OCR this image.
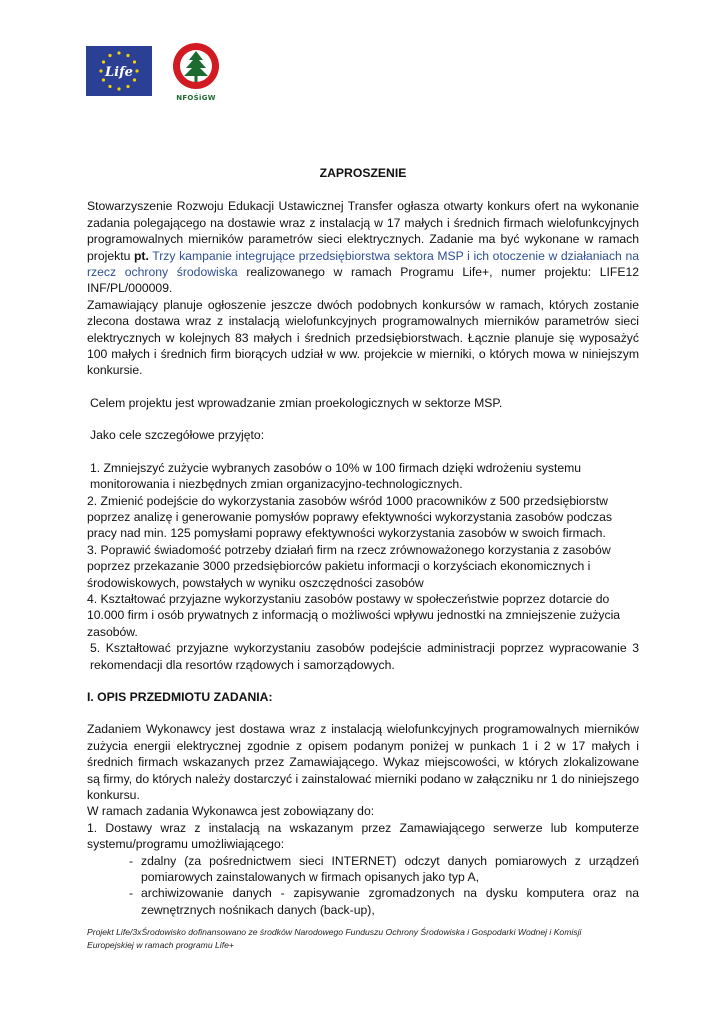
Life
NFOŚiGW

ZAPROSZENIE

Stowarzyszenie Rozwoju Edukacji Ustawicznej Transfer ogłasza otwarty konkurs ofert na wykonanie zadania polegającego na dostawie wraz z instalacją w 17 małych i średnich firmach wielofunkcyjnych programowalnych mierników parametrów sieci elektrycznych. Zadanie ma być wykonane w ramach projektu pt. Trzy kampanie integrujące przedsiębiorstwa sektora MSP i ich otoczenie w działaniach na rzecz ochrony środowiska realizowanego w ramach Programu Life+, numer projektu: LIFE12 INF/PL/000009.

Zamawiający planuje ogłoszenie jeszcze dwóch podobnych konkursów w ramach, których zostanie zlecona dostawa wraz z instalacją wielofunkcyjnych programowalnych mierników parametrów sieci elektrycznych w kolejnych 83 małych i średnich przedsiębiorstwach. Łącznie planuje się wyposażyć 100 małych i średnich firm biorących udział w ww. projekcie w mierniki, o których mowa w niniejszym konkursie.

Celem projektu jest wprowadzanie zmian proekologicznych w sektorze MSP.

Jako cele szczegółowe przyjęto:

1. Zmniejszyć zużycie wybranych zasobów o 10% w 100 firmach dzięki wdrożeniu systemu monitorowania i niezbędnych zmian organizacyjno-technologicznych.

2. Zmienić podejście do wykorzystania zasobów wśród 1000 pracowników z 500 przedsiębiorstw poprzez analizę i generowanie pomysłów poprawy efektywności wykorzystania zasobów podczas pracy nad min. 125 pomysłami poprawy efektywności wykorzystania zasobów w swoich firmach.

3. Poprawić świadomość potrzeby działań firm na rzecz zrównoważonego korzystania z zasobów poprzez przekazanie 3000 przedsiębiorców pakietu informacji o korzyściach ekonomicznych i środowiskowych, powstałych w wyniku oszczędności zasobów

4. Kształtować przyjazne wykorzystaniu zasobów postawy w społeczeństwie poprzez dotarcie do 10.000 firm i osób prywatnych z informacją o możliwości wpływu jednostki na zmniejszenie zużycia zasobów.

5. Kształtować przyjazne wykorzystaniu zasobów podejście administracji poprzez wypracowanie 3 rekomendacji dla resortów rządowych i samorządowych.

I. OPIS PRZEDMIOTU ZADANIA:

Zadaniem Wykonawcy jest dostawa wraz z instalacją wielofunkcyjnych programowalnych mierników zużycia energii elektrycznej zgodnie z opisem podanym poniżej w punkach 1 i 2 w 17 małych i średnich firmach wskazanych przez Zamawiającego. Wykaz miejscowości, w których zlokalizowane są firmy, do których należy dostarczyć i zainstalować mierniki podano w załączniku nr 1 do niniejszego konkursu.

W ramach zadania Wykonawca jest zobowiązany do:

1. Dostawy wraz z instalacją na wskazanym przez Zamawiającego serwerze lub komputerze systemu/programu umożliwiającego:

- zdalny (za pośrednictwem sieci INTERNET) odczyt danych pomiarowych z urządzeń pomiarowych zainstalowanych w firmach opisanych jako typ A,
- archiwizowanie danych - zapisywanie zgromadzonych na dysku komputera oraz na zewnętrznych nośnikach danych (back-up),
Projekt Life/3xŚrodowisko dofinansowano ze środków Narodowego Funduszu Ochrony Środowiska i Gospodarki Wodnej i Komisji Europejskiej w ramach programu Life+
